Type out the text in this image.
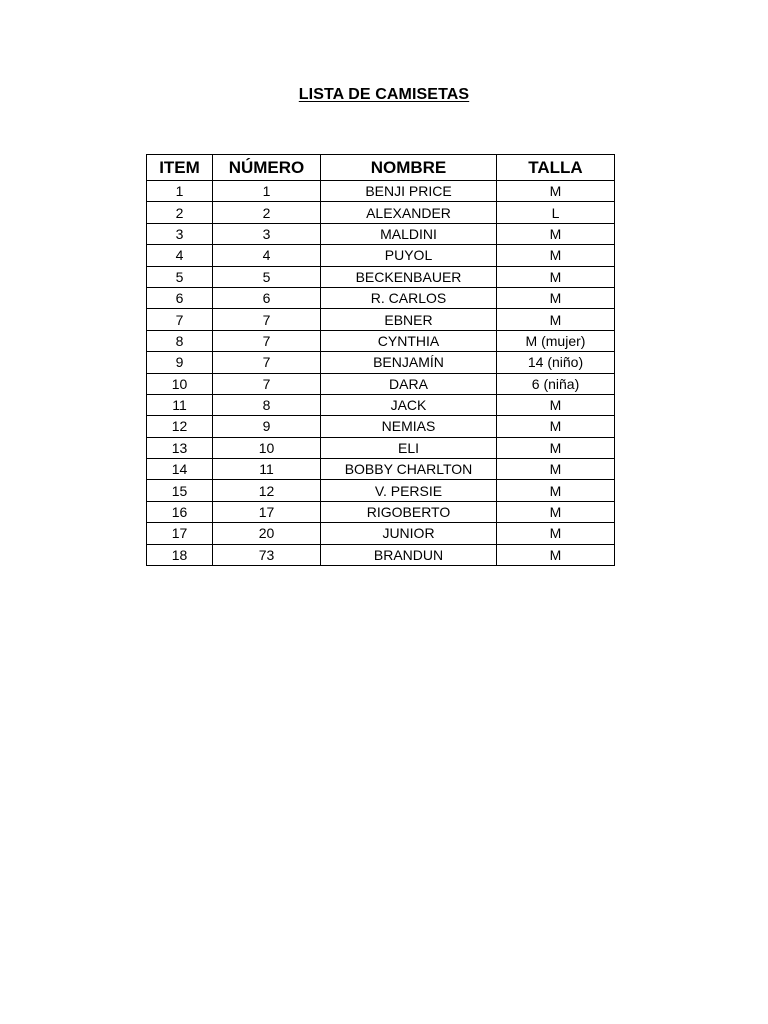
LISTA DE CAMISETAS
ITEM	NÚMERO	NOMBRE	TALLA
1	1	BENJI PRICE	M
2	2	ALEXANDER	L
3	3	MALDINI	M
4	4	PUYOL	M
5	5	BECKENBAUER	M
6	6	R. CARLOS	M
7	7	EBNER	M
8	7	CYNTHIA	M (mujer)
9	7	BENJAMÍN	14 (niño)
10	7	DARA	6 (niña)
11	8	JACK	M
12	9	NEMIAS	M
13	10	ELI	M
14	11	BOBBY CHARLTON	M
15	12	V. PERSIE	M
16	17	RIGOBERTO	M
17	20	JUNIOR	M
18	73	BRANDUN	M
